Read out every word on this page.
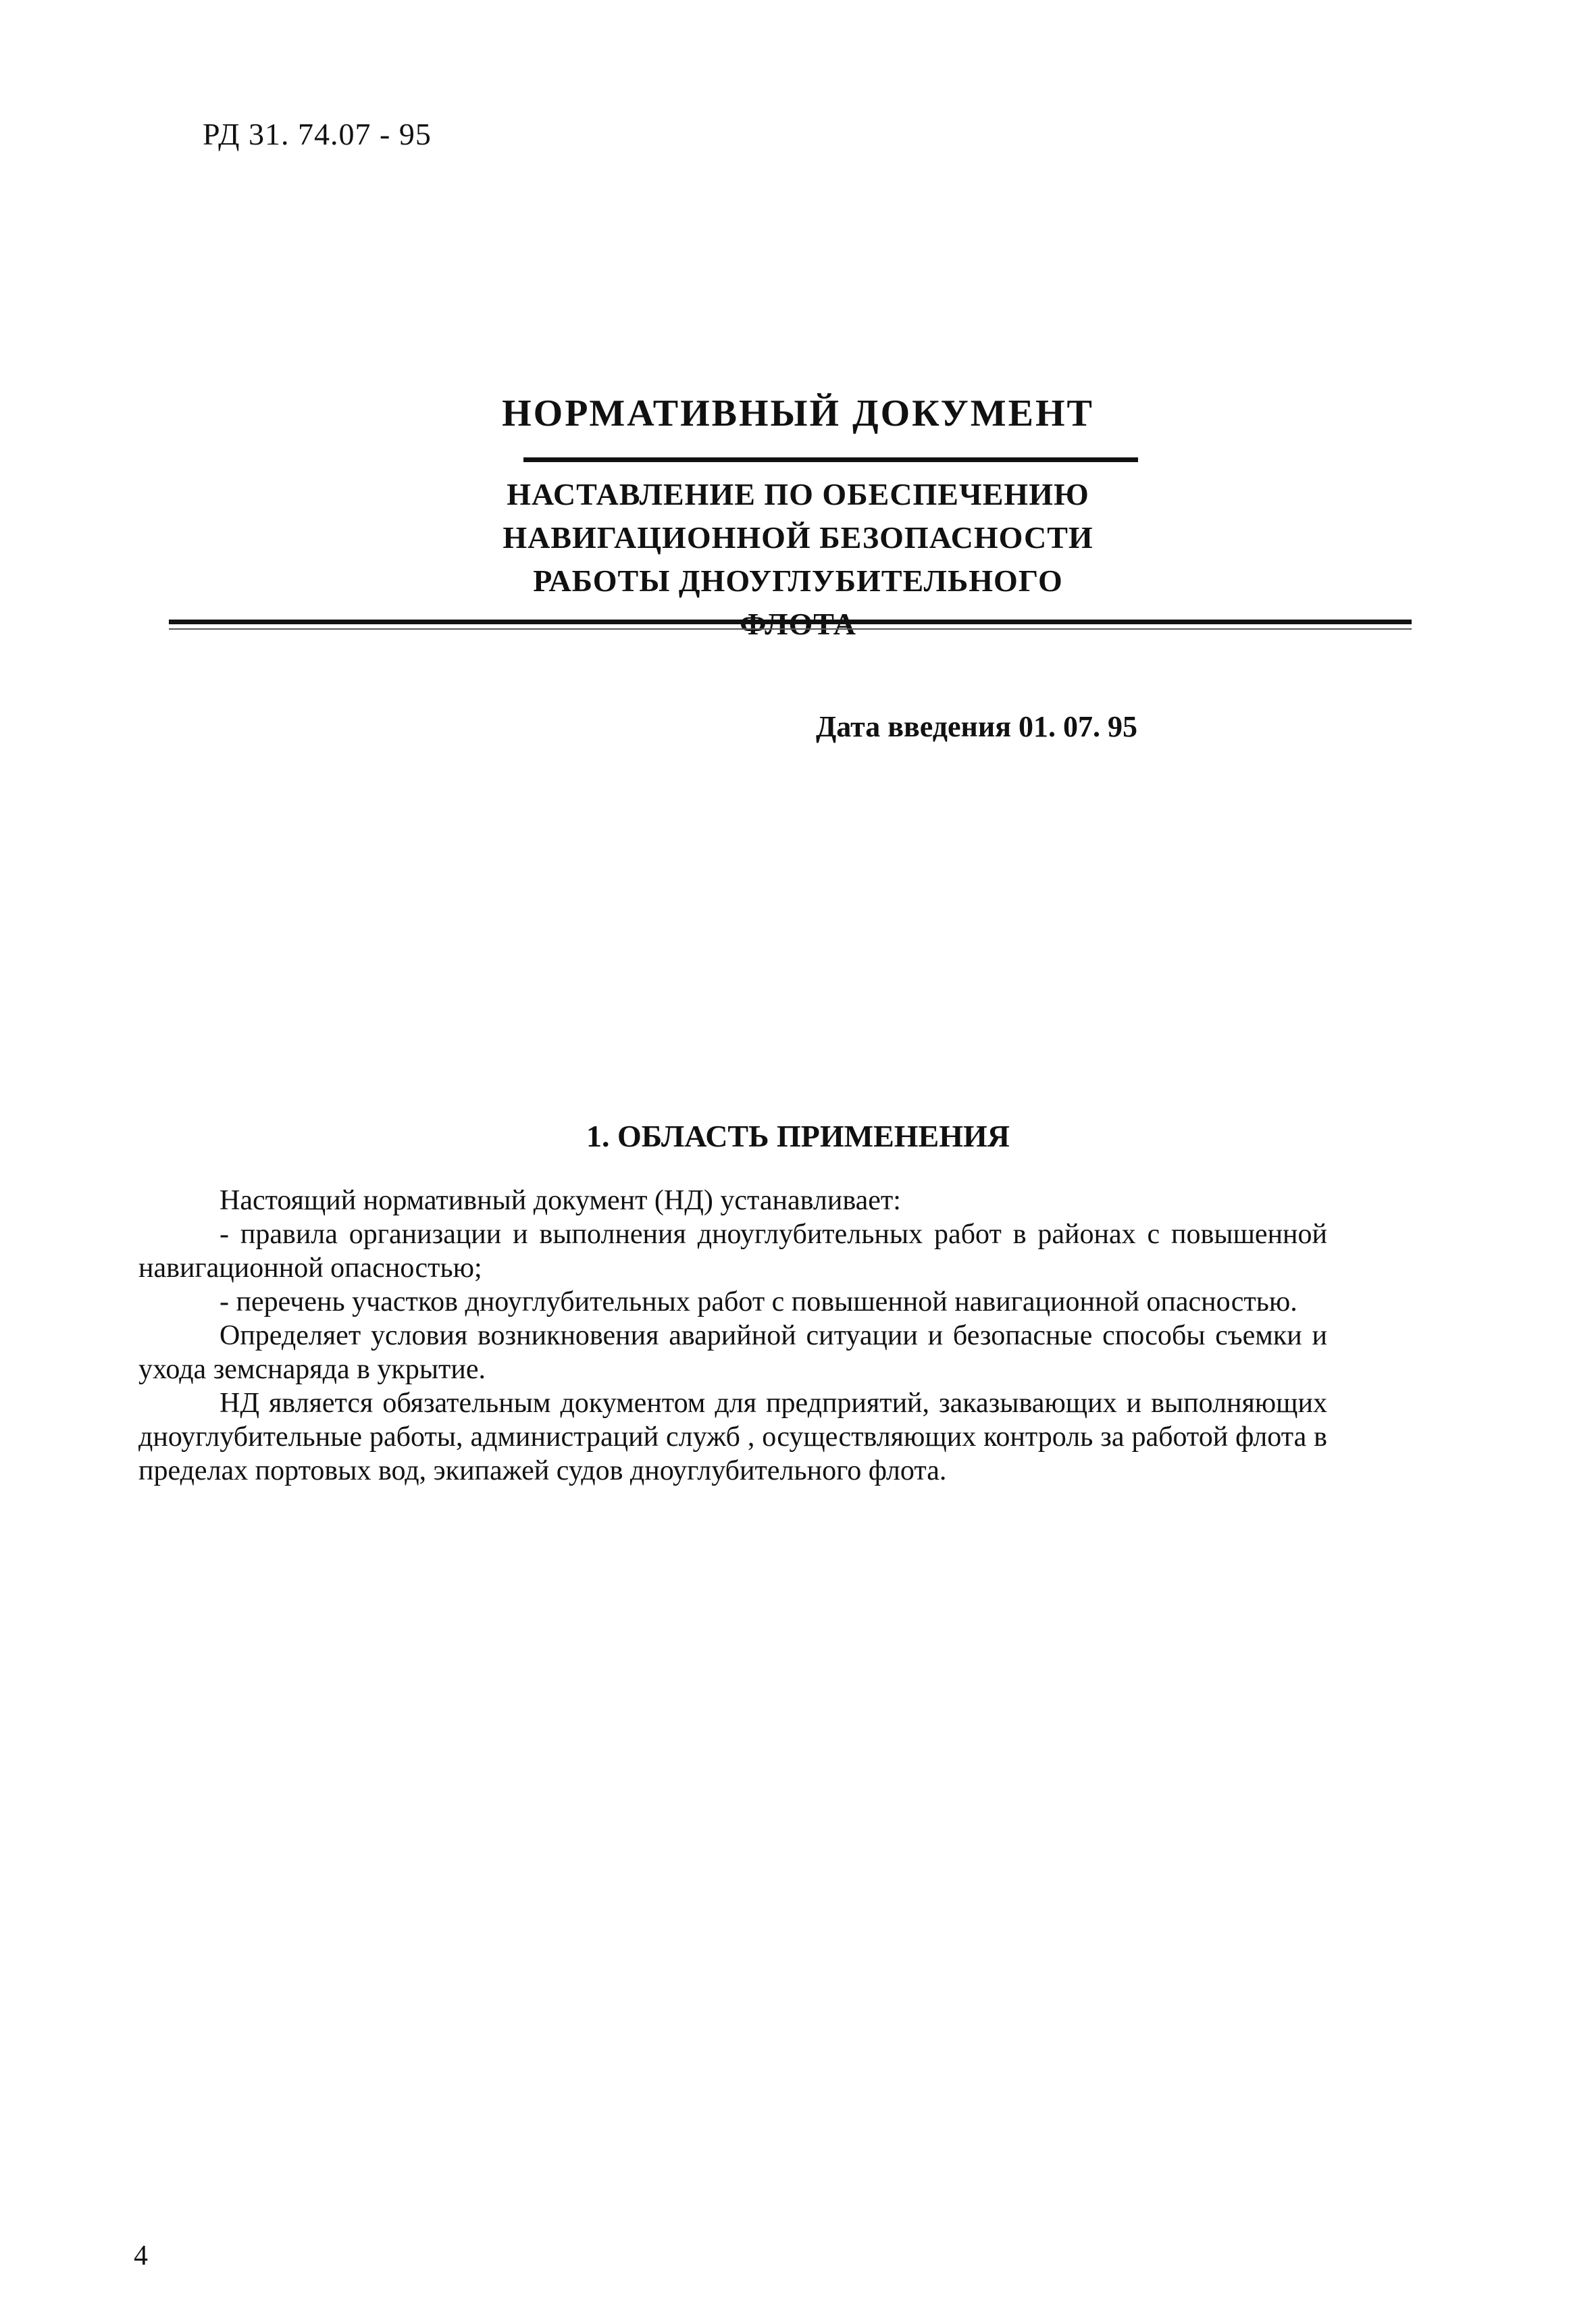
РД 31. 74.07 - 95
НОРМАТИВНЫЙ ДОКУМЕНТ
НАСТАВЛЕНИЕ ПО ОБЕСПЕЧЕНИЮ
НАВИГАЦИОННОЙ БЕЗОПАСНОСТИ
РАБОТЫ ДНОУГЛУБИТЕЛЬНОГО
Дата введения 01. 07. 95
1. ОБЛАСТЬ ПРИМЕНЕНИЯ

Настоящий нормативный документ (НД) устанавливает:

- правила организации и выполнения дноуглубительных работ в районах с повышенной навигационной опасностью;

- перечень участков дноуглубительных работ с повышенной навигационной опасностью.

Определяет условия возникновения аварийной ситуации и безопасные способы съемки и ухода земснаряда в укрытие.

НД является обязательным документом для предприятий, заказывающих и выполняющих дноуглубительные работы, администраций служб , осуществляющих контроль за работой флота в пределах портовых вод, экипажей судов дноуглубительного флота.

4
